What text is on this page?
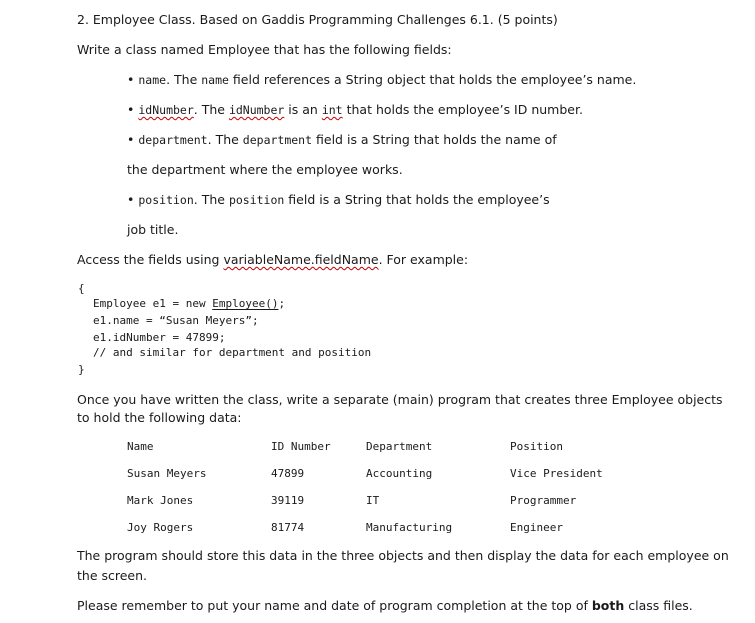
2. Employee Class. Based on Gaddis Programming Challenges 6.1. (5 points)
Write a class named Employee that has the following fields:
• name. The name field references a String object that holds the employee’s name.
• idNumber. The idNumber is an int that holds the employee’s ID number.
• department. The department field is a String that holds the name of
the department where the employee works.
• position. The position field is a String that holds the employee’s
job title.
Access the fields using variableName.fieldName. For example:
{
Employee e1 = new Employee();
e1.name = “Susan Meyers”;
e1.idNumber = 47899;
// and similar for department and position
}
Once you have written the class, write a separate (main) program that creates three Employee objects
to hold the following data:
Name	ID Number	Department	Position
Susan Meyers	47899	Accounting	Vice President
Mark Jones	39119	IT	Programmer
Joy Rogers	81774	Manufacturing	Engineer
The program should store this data in the three objects and then display the data for each employee on
the screen.
Please remember to put your name and date of program completion at the top of both class files.
